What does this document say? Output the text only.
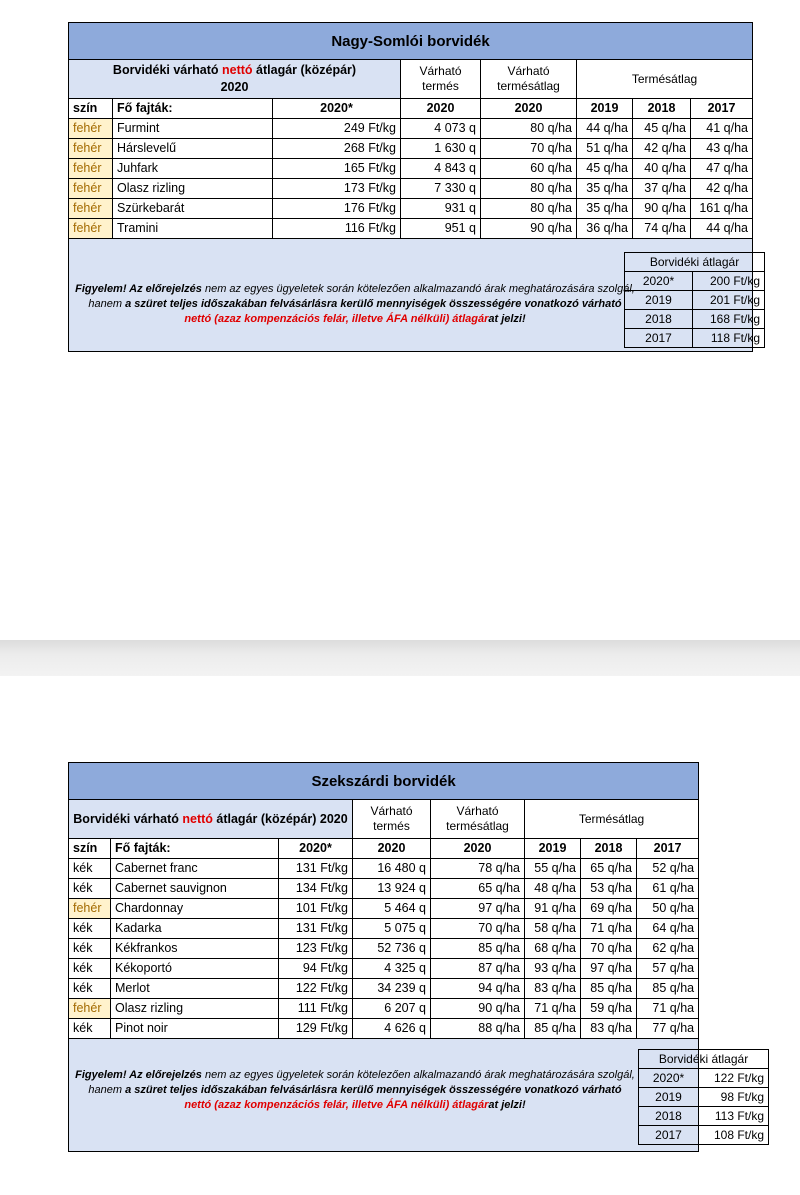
Nagy-Somlói borvidék							
Borvidéki várható nettó átlagár (középár)
2020			Várható termés	Várható termésátlag	Termésátlag		
szín	Fő fajták:	2020*	2020	2020	2019	2018	2017
fehér	Furmint	249 Ft/kg	4 073 q	80 q/ha	44 q/ha	45 q/ha	41 q/ha
fehér	Hárslevelű	268 Ft/kg	1 630 q	70 q/ha	51 q/ha	42 q/ha	43 q/ha
fehér	Juhfark	165 Ft/kg	4 843 q	60 q/ha	45 q/ha	40 q/ha	47 q/ha
fehér	Olasz rizling	173 Ft/kg	7 330 q	80 q/ha	35 q/ha	37 q/ha	42 q/ha
fehér	Szürkebarát	176 Ft/kg	931 q	80 q/ha	35 q/ha	90 q/ha	161 q/ha
fehér	Tramini	116 Ft/kg	951 q	90 q/ha	36 q/ha	74 q/ha	44 q/ha

Figyelem! Az előrejelzés nem az egyes ügyeletek során kötelezően alkalmazandó árak meghatározására szolgál, hanem a szüret teljes időszakában felvásárlásra kerülő mennyiségek összességére vonatkozó várható nettó (azaz kompenzációs felár, illetve ÁFA nélküli) átlagárat jelzi!							
Borvidéki átlagár	
2020*	200 Ft/kg
2019	201 Ft/kg
2018	168 Ft/kg
2017	118 Ft/kg
Szekszárdi borvidék							
Borvidéki várható nettó átlagár (középár) 2020			Várható termés	Várható termésátlag	Termésátlag		
szín	Fő fajták:	2020*	2020	2020	2019	2018	2017
kék	Cabernet franc	131 Ft/kg	16 480 q	78 q/ha	55 q/ha	65 q/ha	52 q/ha
kék	Cabernet sauvignon	134 Ft/kg	13 924 q	65 q/ha	48 q/ha	53 q/ha	61 q/ha
fehér	Chardonnay	101 Ft/kg	5 464 q	97 q/ha	91 q/ha	69 q/ha	50 q/ha
kék	Kadarka	131 Ft/kg	5 075 q	70 q/ha	58 q/ha	71 q/ha	64 q/ha
kék	Kékfrankos	123 Ft/kg	52 736 q	85 q/ha	68 q/ha	70 q/ha	62 q/ha
kék	Kékoportó	94 Ft/kg	4 325 q	87 q/ha	93 q/ha	97 q/ha	57 q/ha
kék	Merlot	122 Ft/kg	34 239 q	94 q/ha	83 q/ha	85 q/ha	85 q/ha
fehér	Olasz rizling	111 Ft/kg	6 207 q	90 q/ha	71 q/ha	59 q/ha	71 q/ha
kék	Pinot noir	129 Ft/kg	4 626 q	88 q/ha	85 q/ha	83 q/ha	77 q/ha

Figyelem! Az előrejelzés nem az egyes ügyeletek során kötelezően alkalmazandó árak meghatározására szolgál, hanem a szüret teljes időszakában felvásárlásra kerülő mennyiségek összességére vonatkozó várható nettó (azaz kompenzációs felár, illetve ÁFA nélküli) átlagárat jelzi!							
Borvidéki átlagár	
2020*	122 Ft/kg
2019	98 Ft/kg
2018	113 Ft/kg
2017	108 Ft/kg
